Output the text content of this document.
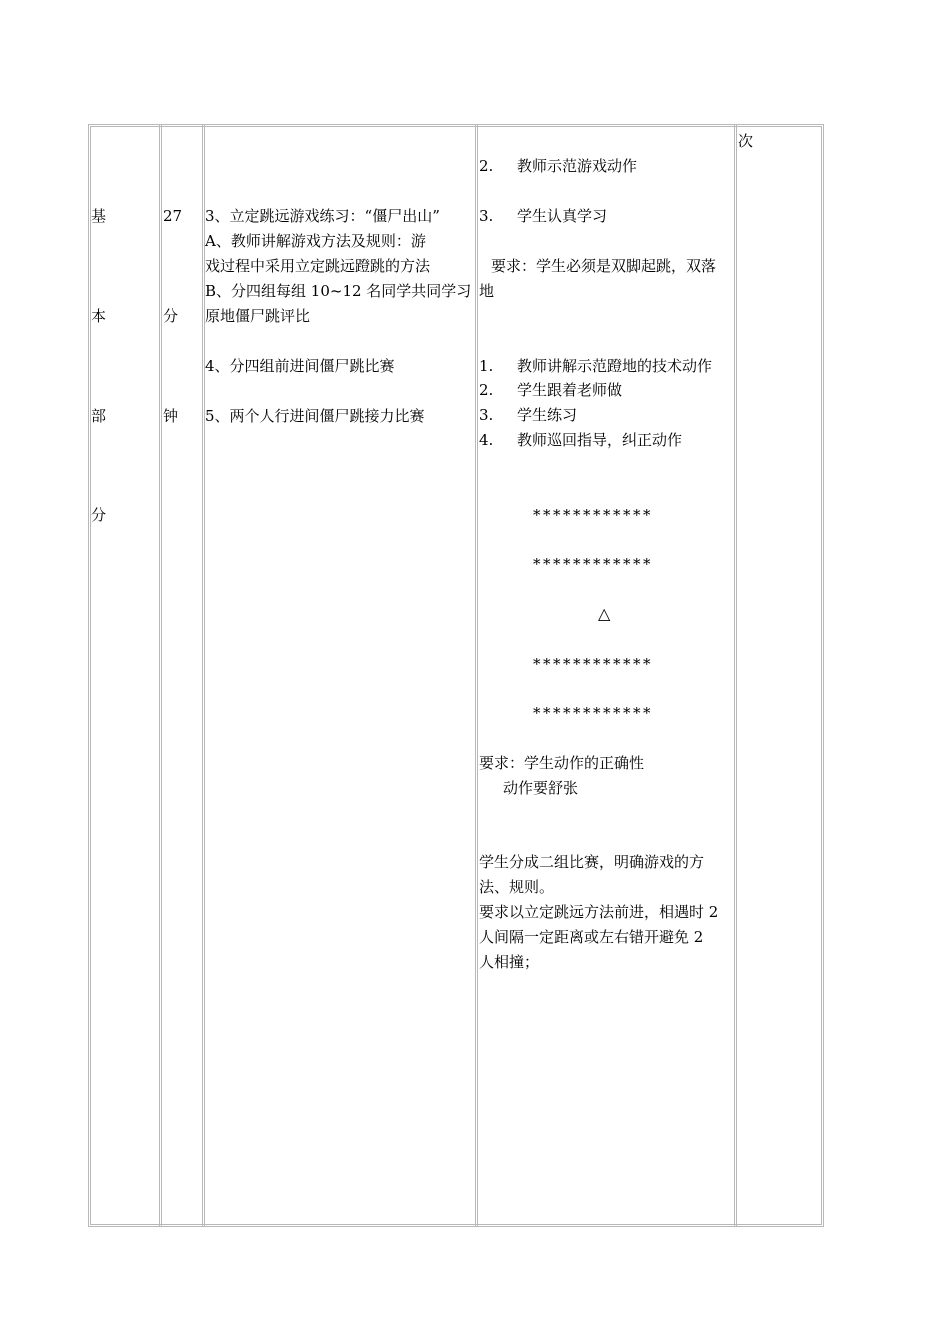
基
本
部
分
27
分
钟
3、立定跳远游戏练习：“僵尸出山”
A、教师讲解游戏方法及规则：游
戏过程中采用立定跳远蹬跳的方法
B、分四组每组 10~12 名同学共同学习
原地僵尸跳评比
4、分四组前进间僵尸跳比赛
5、两个人行进间僵尸跳接力比赛
2. 教师示范游戏动作
3. 学生认真学习
要求：学生必须是双脚起跳，双落
地
1. 教师讲解示范蹬地的技术动作
2. 学生跟着老师做
3. 学生练习
4. 教师巡回指导，纠正动作
************
************
△
************
************
要求：学生动作的正确性
动作要舒张
学生分成二组比赛，明确游戏的方
法、规则。
要求以立定跳远方法前进，相遇时 2
人间隔一定距离或左右错开避免 2
人相撞；
次
